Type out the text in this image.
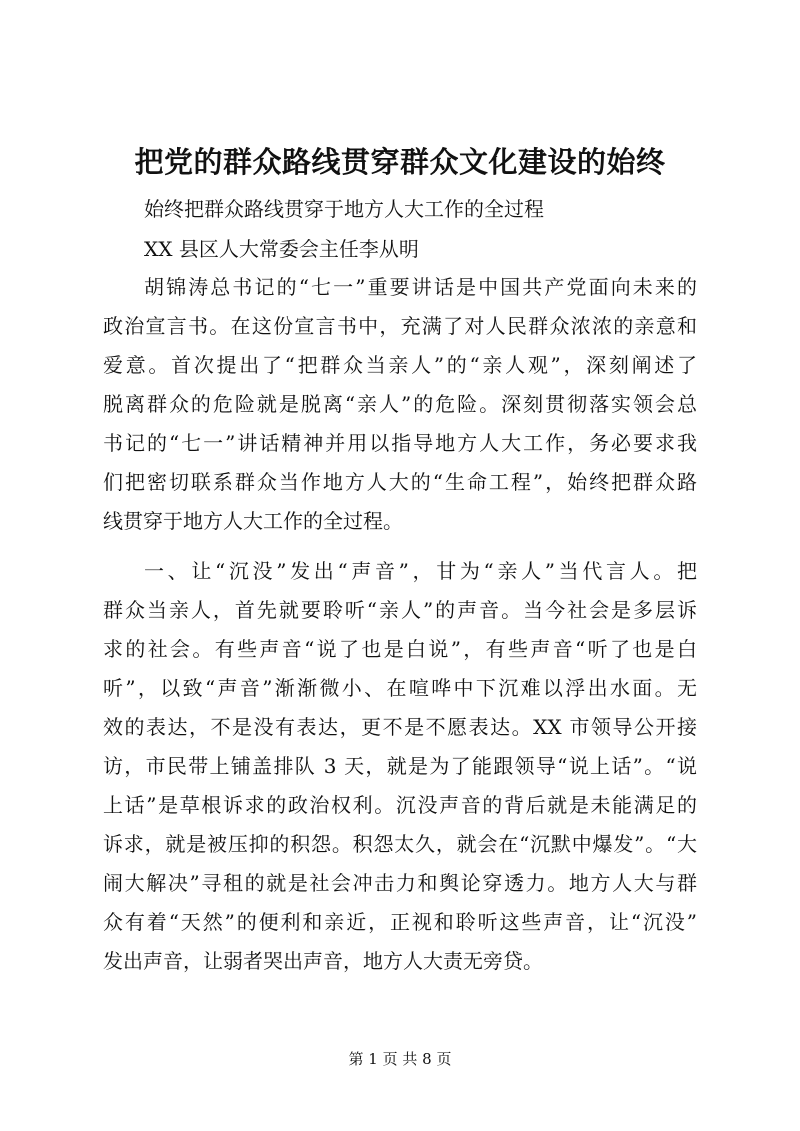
把党的群众路线贯穿群众文化建设的始终
始终把群众路线贯穿于地方人大工作的全过程
XX 县区人大常委会主任李从明
胡锦涛总书记的“七一”重要讲话是中国共产党面向未来的
政治宣言书。在这份宣言书中，充满了对人民群众浓浓的亲意和
爱意。首次提出了“把群众当亲人”的“亲人观”，深刻阐述了
脱离群众的危险就是脱离“亲人”的危险。深刻贯彻落实领会总
书记的“七一”讲话精神并用以指导地方人大工作，务必要求我
们把密切联系群众当作地方人大的“生命工程”，始终把群众路
线贯穿于地方人大工作的全过程。
一、让“沉没”发出“声音”，甘为“亲人”当代言人。把
群众当亲人，首先就要聆听“亲人”的声音。当今社会是多层诉
求的社会。有些声音“说了也是白说”，有些声音“听了也是白
听”，以致“声音”渐渐微小、在喧哗中下沉难以浮出水面。无
效的表达，不是没有表达，更不是不愿表达。XX 市领导公开接
访，市民带上铺盖排队 3 天，就是为了能跟领导“说上话”。“说
上话”是草根诉求的政治权利。沉没声音的背后就是未能满足的
诉求，就是被压抑的积怨。积怨太久，就会在“沉默中爆发”。“大
闹大解决”寻租的就是社会冲击力和舆论穿透力。地方人大与群
众有着“天然”的便利和亲近，正视和聆听这些声音，让“沉没”
发出声音，让弱者哭出声音，地方人大责无旁贷。
第 1 页 共 8 页
